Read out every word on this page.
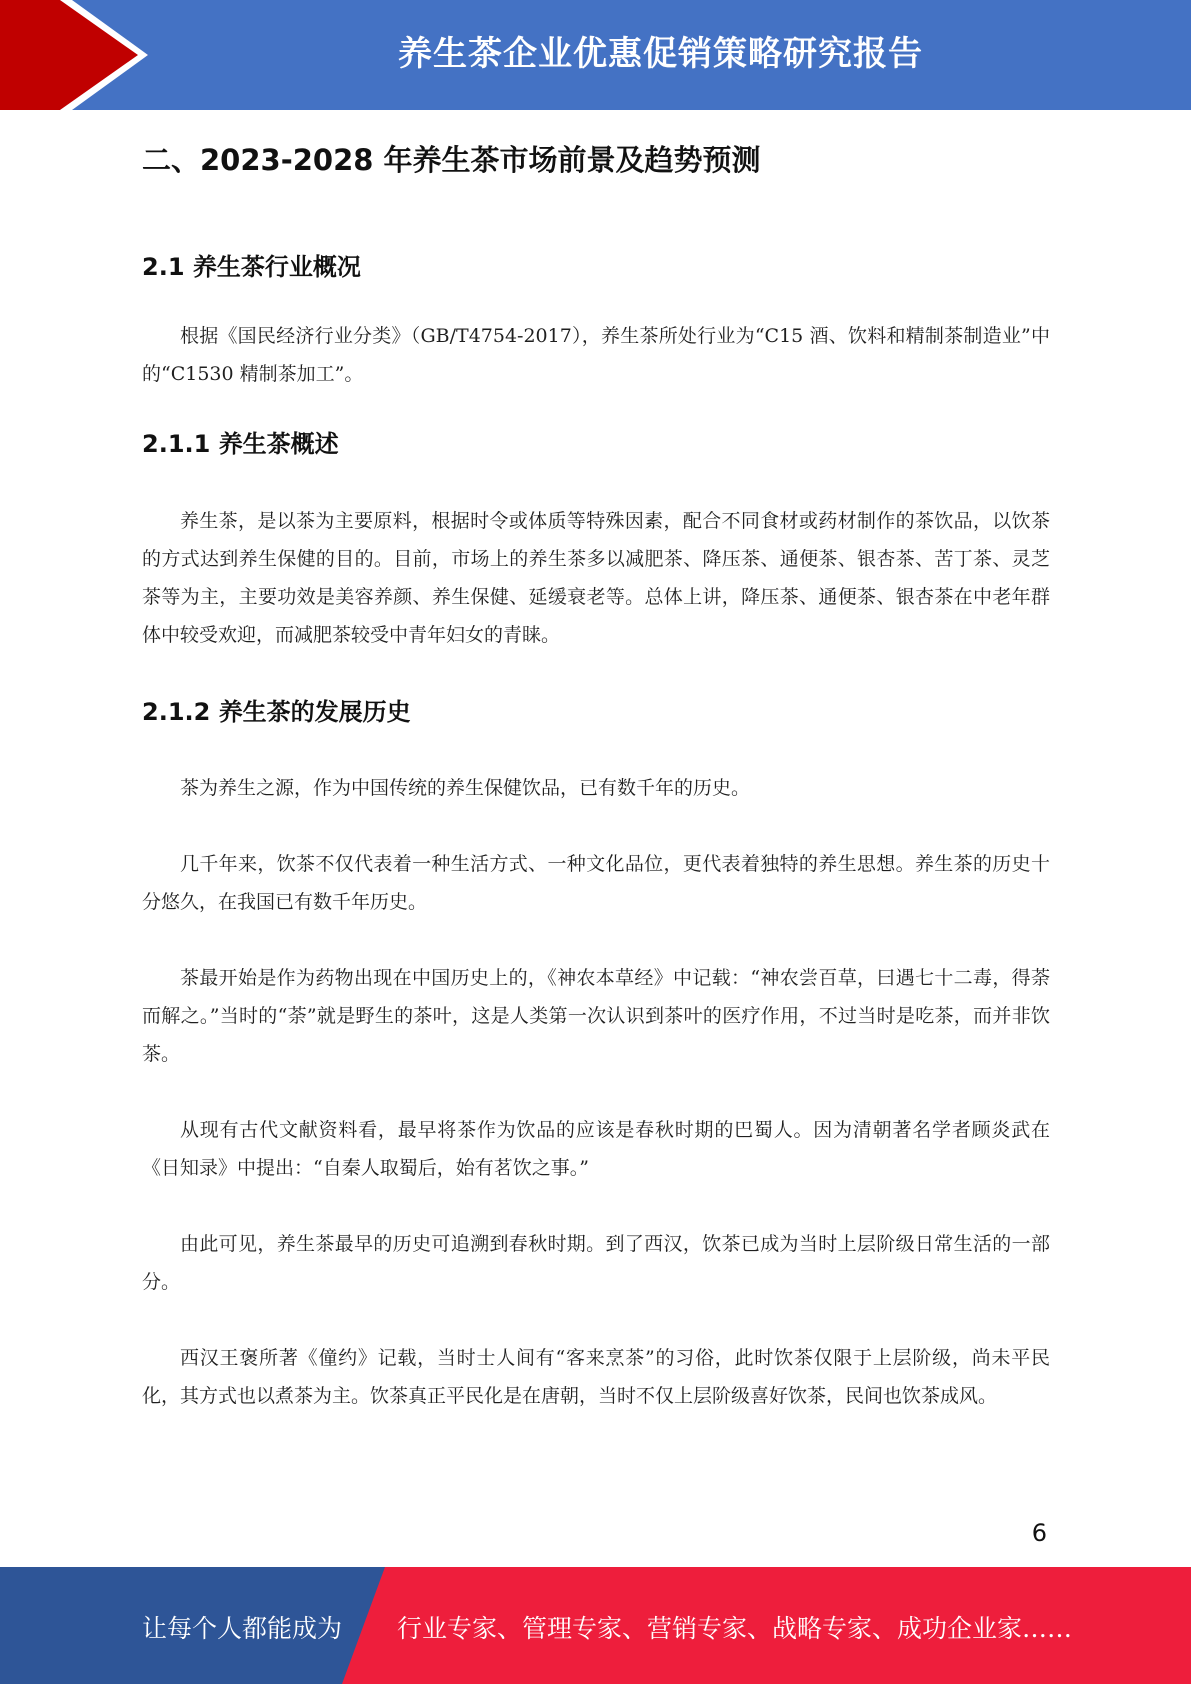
养生茶企业优惠促销策略研究报告
二、2023-2028 年养生茶市场前景及趋势预测
2.1 养生茶行业概况

根据《国民经济行业分类》（GB/T4754-2017），养生茶所处行业为“C15 酒、饮料和精制茶制造业”中的“C1530 精制茶加工”。

2.1.1 养生茶概述

养生茶，是以茶为主要原料，根据时令或体质等特殊因素，配合不同食材或药材制作的茶饮品，以饮茶的方式达到养生保健的目的。目前，市场上的养生茶多以减肥茶、降压茶、通便茶、银杏茶、苦丁茶、灵芝茶等为主，主要功效是美容养颜、养生保健、延缓衰老等。总体上讲，降压茶、通便茶、银杏茶在中老年群体中较受欢迎，而减肥茶较受中青年妇女的青睐。

2.1.2 养生茶的发展历史

茶为养生之源，作为中国传统的养生保健饮品，已有数千年的历史。

几千年来，饮茶不仅代表着一种生活方式、一种文化品位，更代表着独特的养生思想。养生茶的历史十分悠久，在我国已有数千年历史。

茶最开始是作为药物出现在中国历史上的，《神农本草经》中记载：“神农尝百草，曰遇七十二毒，得荼而解之。”当时的“荼”就是野生的茶叶，这是人类第一次认识到茶叶的医疗作用，不过当时是吃茶，而并非饮茶。

从现有古代文献资料看，最早将茶作为饮品的应该是春秋时期的巴蜀人。因为清朝著名学者顾炎武在《日知录》中提出：“自秦人取蜀后，始有茗饮之事。”

由此可见，养生茶最早的历史可追溯到春秋时期。到了西汉，饮茶已成为当时上层阶级日常生活的一部分。

西汉王褒所著《僮约》记载，当时士人间有“客来烹茶”的习俗，此时饮茶仅限于上层阶级，尚未平民化，其方式也以煮茶为主。饮茶真正平民化是在唐朝，当时不仅上层阶级喜好饮茶，民间也饮茶成风。

6
让每个人都能成为 行业专家、管理专家、营销专家、战略专家、成功企业家……
